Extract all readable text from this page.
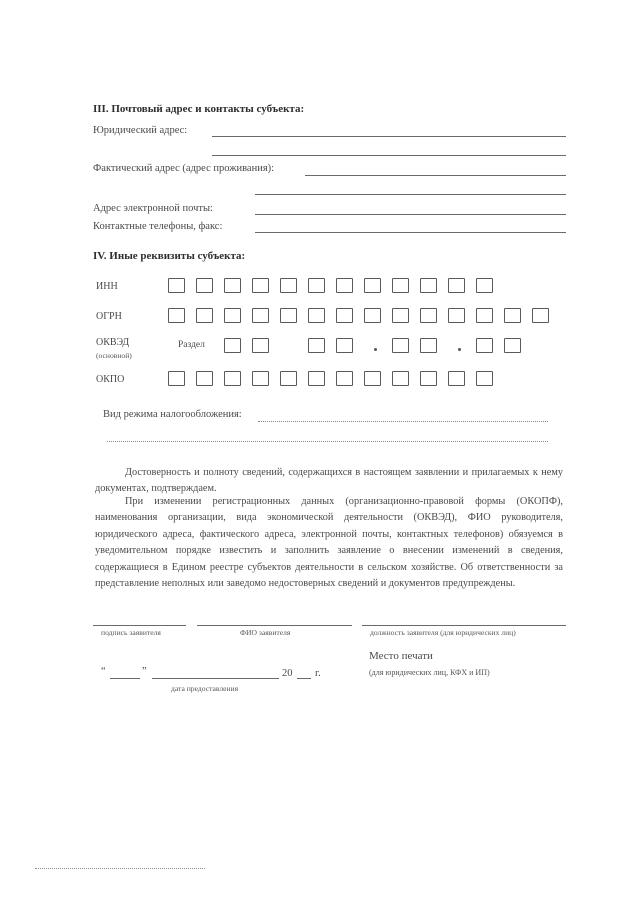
III. Почтовый адрес и контакты субъекта:
Юридический адрес:
Фактический адрес (адрес проживания):
Адрес электронной почты:
Контактные телефоны, факс:
IV. Иные реквизиты субъекта:
ИНН
ОГРН
ОКВЭД
(основной)
Раздел
ОКПО
Вид режима налогообложения:
Достоверность и полноту сведений, содержащихся в настоящем заявлении и прилагаемых к нему документах, подтверждаем.
При изменении регистрационных данных (организационно-правовой формы (ОКОПФ), наименования организации, вида экономической деятельности (ОКВЭД), ФИО руководителя, юридического адреса, фактического адреса, электронной почты, контактных телефонов) обязуемся в уведомительном порядке известить и заполнить заявление о внесении изменений в сведения, содержащиеся в Едином реестре субъектов деятельности в сельском хозяйстве. Об ответственности за представление неполных или заведомо недостоверных сведений и документов предупреждены.
подпись заявителя	ФИО заявителя	должность заявителя (для юридических лиц)
“	”	20 г.
дата предоставления
Место печати
(для юридических лиц, КФХ и ИП)
